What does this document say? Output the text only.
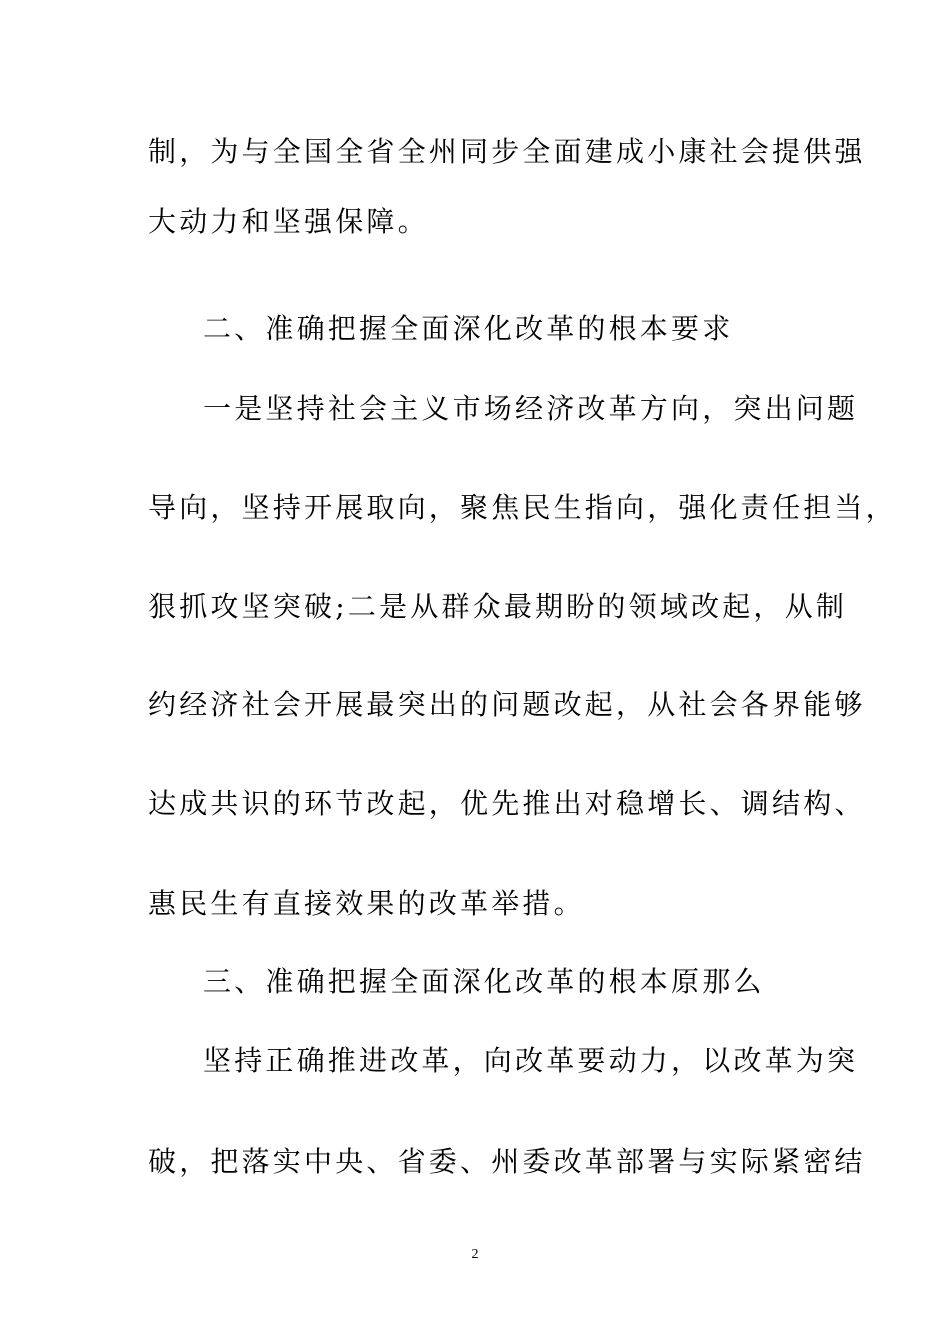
制，为与全国全省全州同步全面建成小康社会提供强
大动力和坚强保障。
二、准确把握全面深化改革的根本要求
一是坚持社会主义市场经济改革方向，突出问题
导向，坚持开展取向，聚焦民生指向，强化责任担当，
狠抓攻坚突破;二是从群众最期盼的领域改起，从制
约经济社会开展最突出的问题改起，从社会各界能够
达成共识的环节改起，优先推出对稳增长、调结构、
惠民生有直接效果的改革举措。
三、准确把握全面深化改革的根本原那么
坚持正确推进改革，向改革要动力，以改革为突
破，把落实中央、省委、州委改革部署与实际紧密结
2
